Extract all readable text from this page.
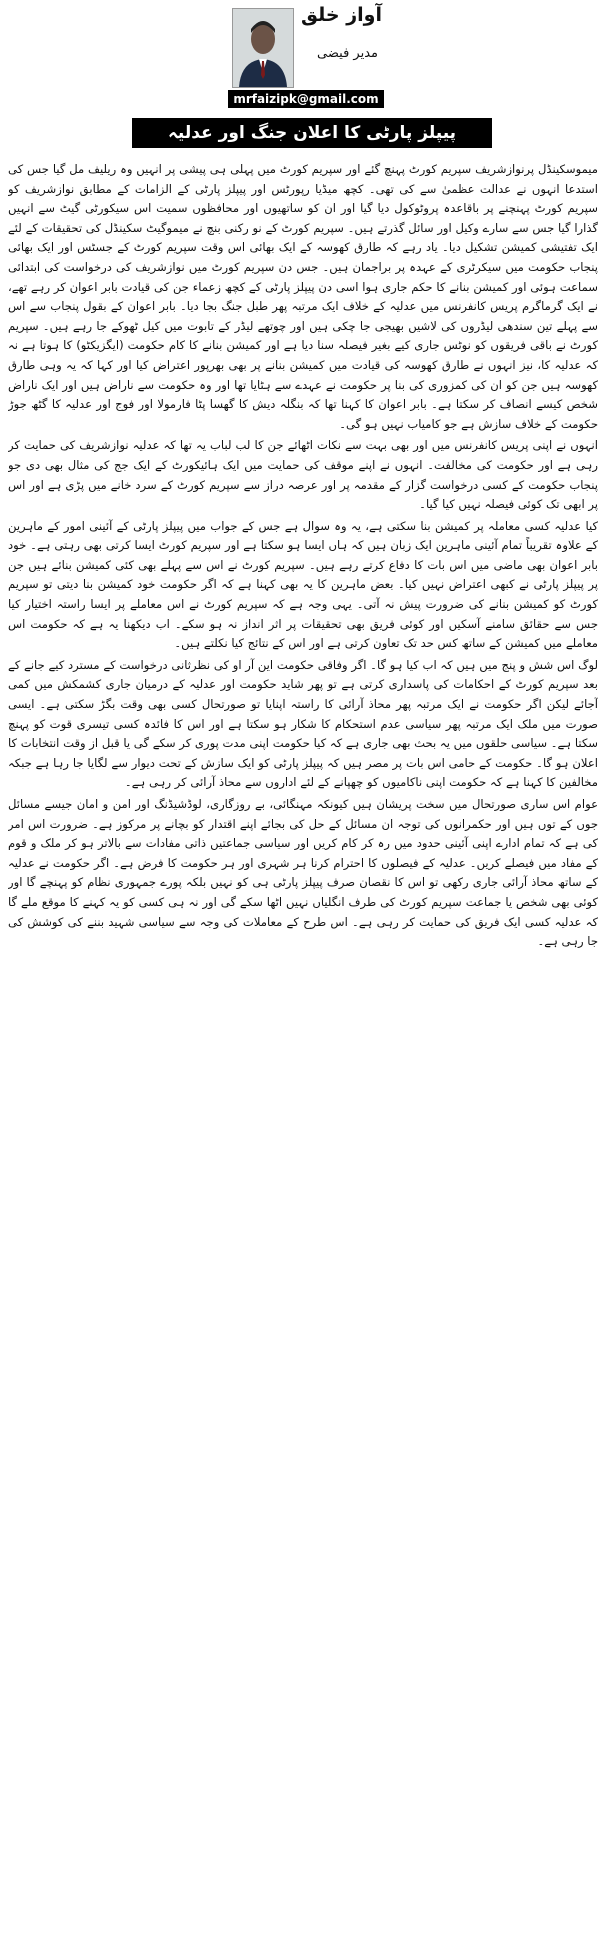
آواز خلق
مدیر فیضی
mrfaizipk@gmail.com
پیپلز پارٹی کا اعلان جنگ اور عدلیہ

میموسکینڈل پرنوازشریف سپریم کورٹ پہنچ گئے اور سپریم کورٹ میں پہلی ہی پیشی پر انہیں وہ ریلیف مل گیا جس کی استدعا انہوں نے عدالت عظمیٰ سے کی تھی۔ کچھ میڈیا رپورٹس اور پیپلز پارٹی کے الزامات کے مطابق نوازشریف کو سپریم کورٹ پہنچنے پر باقاعدہ پروٹوکول دیا گیا اور ان کو ساتھیوں اور محافظوں سمیت اس سیکورٹی گیٹ سے انہیں گذارا گیا جس سے سارے وکیل اور سائل گذرتے ہیں۔ سپریم کورٹ کے نو رکنی بنچ نے میموگیٹ سکینڈل کی تحقیقات کے لئے ایک تفتیشی کمیشن تشکیل دیا۔ یاد رہے کہ طارق کھوسہ کے ایک بھائی اس وقت سپریم کورٹ کے جسٹس اور ایک بھائی پنجاب حکومت میں سیکرٹری کے عہدہ پر براجمان ہیں۔ جس دن سپریم کورٹ میں نوازشریف کی درخواست کی ابتدائی سماعت ہوئی اور کمیشن بنانے کا حکم جاری ہوا اسی دن پیپلز پارٹی کے کچھ زعماء جن کی قیادت بابر اعوان کر رہے تھے، نے ایک گرماگرم پریس کانفرنس میں عدلیہ کے خلاف ایک مرتبہ پھر طبل جنگ بجا دیا۔ بابر اعوان کے بقول پنجاب سے اس سے پہلے تین سندھی لیڈروں کی لاشیں بھیجی جا چکی ہیں اور چوتھے لیڈر کے تابوت میں کیل ٹھوکے جا رہے ہیں۔ سپریم کورٹ نے باقی فریقوں کو نوٹس جاری کیے بغیر فیصلہ سنا دیا ہے اور کمیشن بنانے کا کام حکومت (ایگزیکٹو) کا ہوتا ہے نہ کہ عدلیہ کا، نیز انہوں نے طارق کھوسہ کی قیادت میں کمیشن بنانے پر بھی بھرپور اعتراض کیا اور کہا کہ یہ وہی طارق کھوسہ ہیں جن کو ان کی کمزوری کی بنا پر حکومت نے عہدے سے ہٹایا تھا اور وہ حکومت سے ناراض ہیں اور ایک ناراض شخص کیسے انصاف کر سکتا ہے۔ بابر اعوان کا کہنا تھا کہ بنگلہ دیش کا گھسا پٹا فارمولا اور فوج اور عدلیہ کا گٹھ جوڑ حکومت کے خلاف سازش ہے جو کامیاب نہیں ہو گی۔

انہوں نے اپنی پریس کانفرنس میں اور بھی بہت سے نکات اٹھائے جن کا لب لباب یہ تھا کہ عدلیہ نوازشریف کی حمایت کر رہی ہے اور حکومت کی مخالفت۔ انہوں نے اپنے موقف کی حمایت میں ایک ہائیکورٹ کے ایک جج کی مثال بھی دی جو پنجاب حکومت کے کسی درخواست گزار کے مقدمہ پر اور عرصہ دراز سے سپریم کورٹ کے سرد خانے میں پڑی ہے اور اس پر ابھی تک کوئی فیصلہ نہیں کیا گیا۔

کیا عدلیہ کسی معاملہ پر کمیشن بنا سکتی ہے، یہ وہ سوال ہے جس کے جواب میں پیپلز پارٹی کے آئینی امور کے ماہرین کے علاوہ تقریباً تمام آئینی ماہرین ایک زبان ہیں کہ ہاں ایسا ہو سکتا ہے اور سپریم کورٹ ایسا کرتی بھی رہتی ہے۔ خود بابر اعوان بھی ماضی میں اس بات کا دفاع کرتے رہے ہیں۔ سپریم کورٹ نے اس سے پہلے بھی کئی کمیشن بنائے ہیں جن پر پیپلز پارٹی نے کبھی اعتراض نہیں کیا۔ بعض ماہرین کا یہ بھی کہنا ہے کہ اگر حکومت خود کمیشن بنا دیتی تو سپریم کورٹ کو کمیشن بنانے کی ضرورت پیش نہ آتی۔ یہی وجہ ہے کہ سپریم کورٹ نے اس معاملے پر ایسا راستہ اختیار کیا جس سے حقائق سامنے آسکیں اور کوئی فریق بھی تحقیقات پر اثر انداز نہ ہو سکے۔ اب دیکھنا یہ ہے کہ حکومت اس معاملے میں کمیشن کے ساتھ کس حد تک تعاون کرتی ہے اور اس کے نتائج کیا نکلتے ہیں۔

لوگ اس شش و پنج میں ہیں کہ اب کیا ہو گا۔ اگر وفاقی حکومت این آر او کی نظرثانی درخواست کے مسترد کیے جانے کے بعد سپریم کورٹ کے احکامات کی پاسداری کرتی ہے تو پھر شاید حکومت اور عدلیہ کے درمیان جاری کشمکش میں کمی آجائے لیکن اگر حکومت نے ایک مرتبہ پھر محاذ آرائی کا راستہ اپنایا تو صورتحال کسی بھی وقت بگڑ سکتی ہے۔ ایسی صورت میں ملک ایک مرتبہ پھر سیاسی عدم استحکام کا شکار ہو سکتا ہے اور اس کا فائدہ کسی تیسری قوت کو پہنچ سکتا ہے۔ سیاسی حلقوں میں یہ بحث بھی جاری ہے کہ کیا حکومت اپنی مدت پوری کر سکے گی یا قبل از وقت انتخابات کا اعلان ہو گا۔ حکومت کے حامی اس بات پر مصر ہیں کہ پیپلز پارٹی کو ایک سازش کے تحت دیوار سے لگایا جا رہا ہے جبکہ مخالفین کا کہنا ہے کہ حکومت اپنی ناکامیوں کو چھپانے کے لئے اداروں سے محاذ آرائی کر رہی ہے۔

عوام اس ساری صورتحال میں سخت پریشان ہیں کیونکہ مہنگائی، بے روزگاری، لوڈشیڈنگ اور امن و امان جیسے مسائل جوں کے توں ہیں اور حکمرانوں کی توجہ ان مسائل کے حل کی بجائے اپنے اقتدار کو بچانے پر مرکوز ہے۔ ضرورت اس امر کی ہے کہ تمام ادارے اپنی آئینی حدود میں رہ کر کام کریں اور سیاسی جماعتیں ذاتی مفادات سے بالاتر ہو کر ملک و قوم کے مفاد میں فیصلے کریں۔ عدلیہ کے فیصلوں کا احترام کرنا ہر شہری اور ہر حکومت کا فرض ہے۔ اگر حکومت نے عدلیہ کے ساتھ محاذ آرائی جاری رکھی تو اس کا نقصان صرف پیپلز پارٹی ہی کو نہیں بلکہ پورے جمہوری نظام کو پہنچے گا اور کوئی بھی شخص یا جماعت سپریم کورٹ کی طرف انگلیاں نہیں اٹھا سکے گی اور نہ ہی کسی کو یہ کہنے کا موقع ملے گا کہ عدلیہ کسی ایک فریق کی حمایت کر رہی ہے۔ اس طرح کے معاملات کی وجہ سے سیاسی شہید بننے کی کوشش کی جا رہی ہے۔
